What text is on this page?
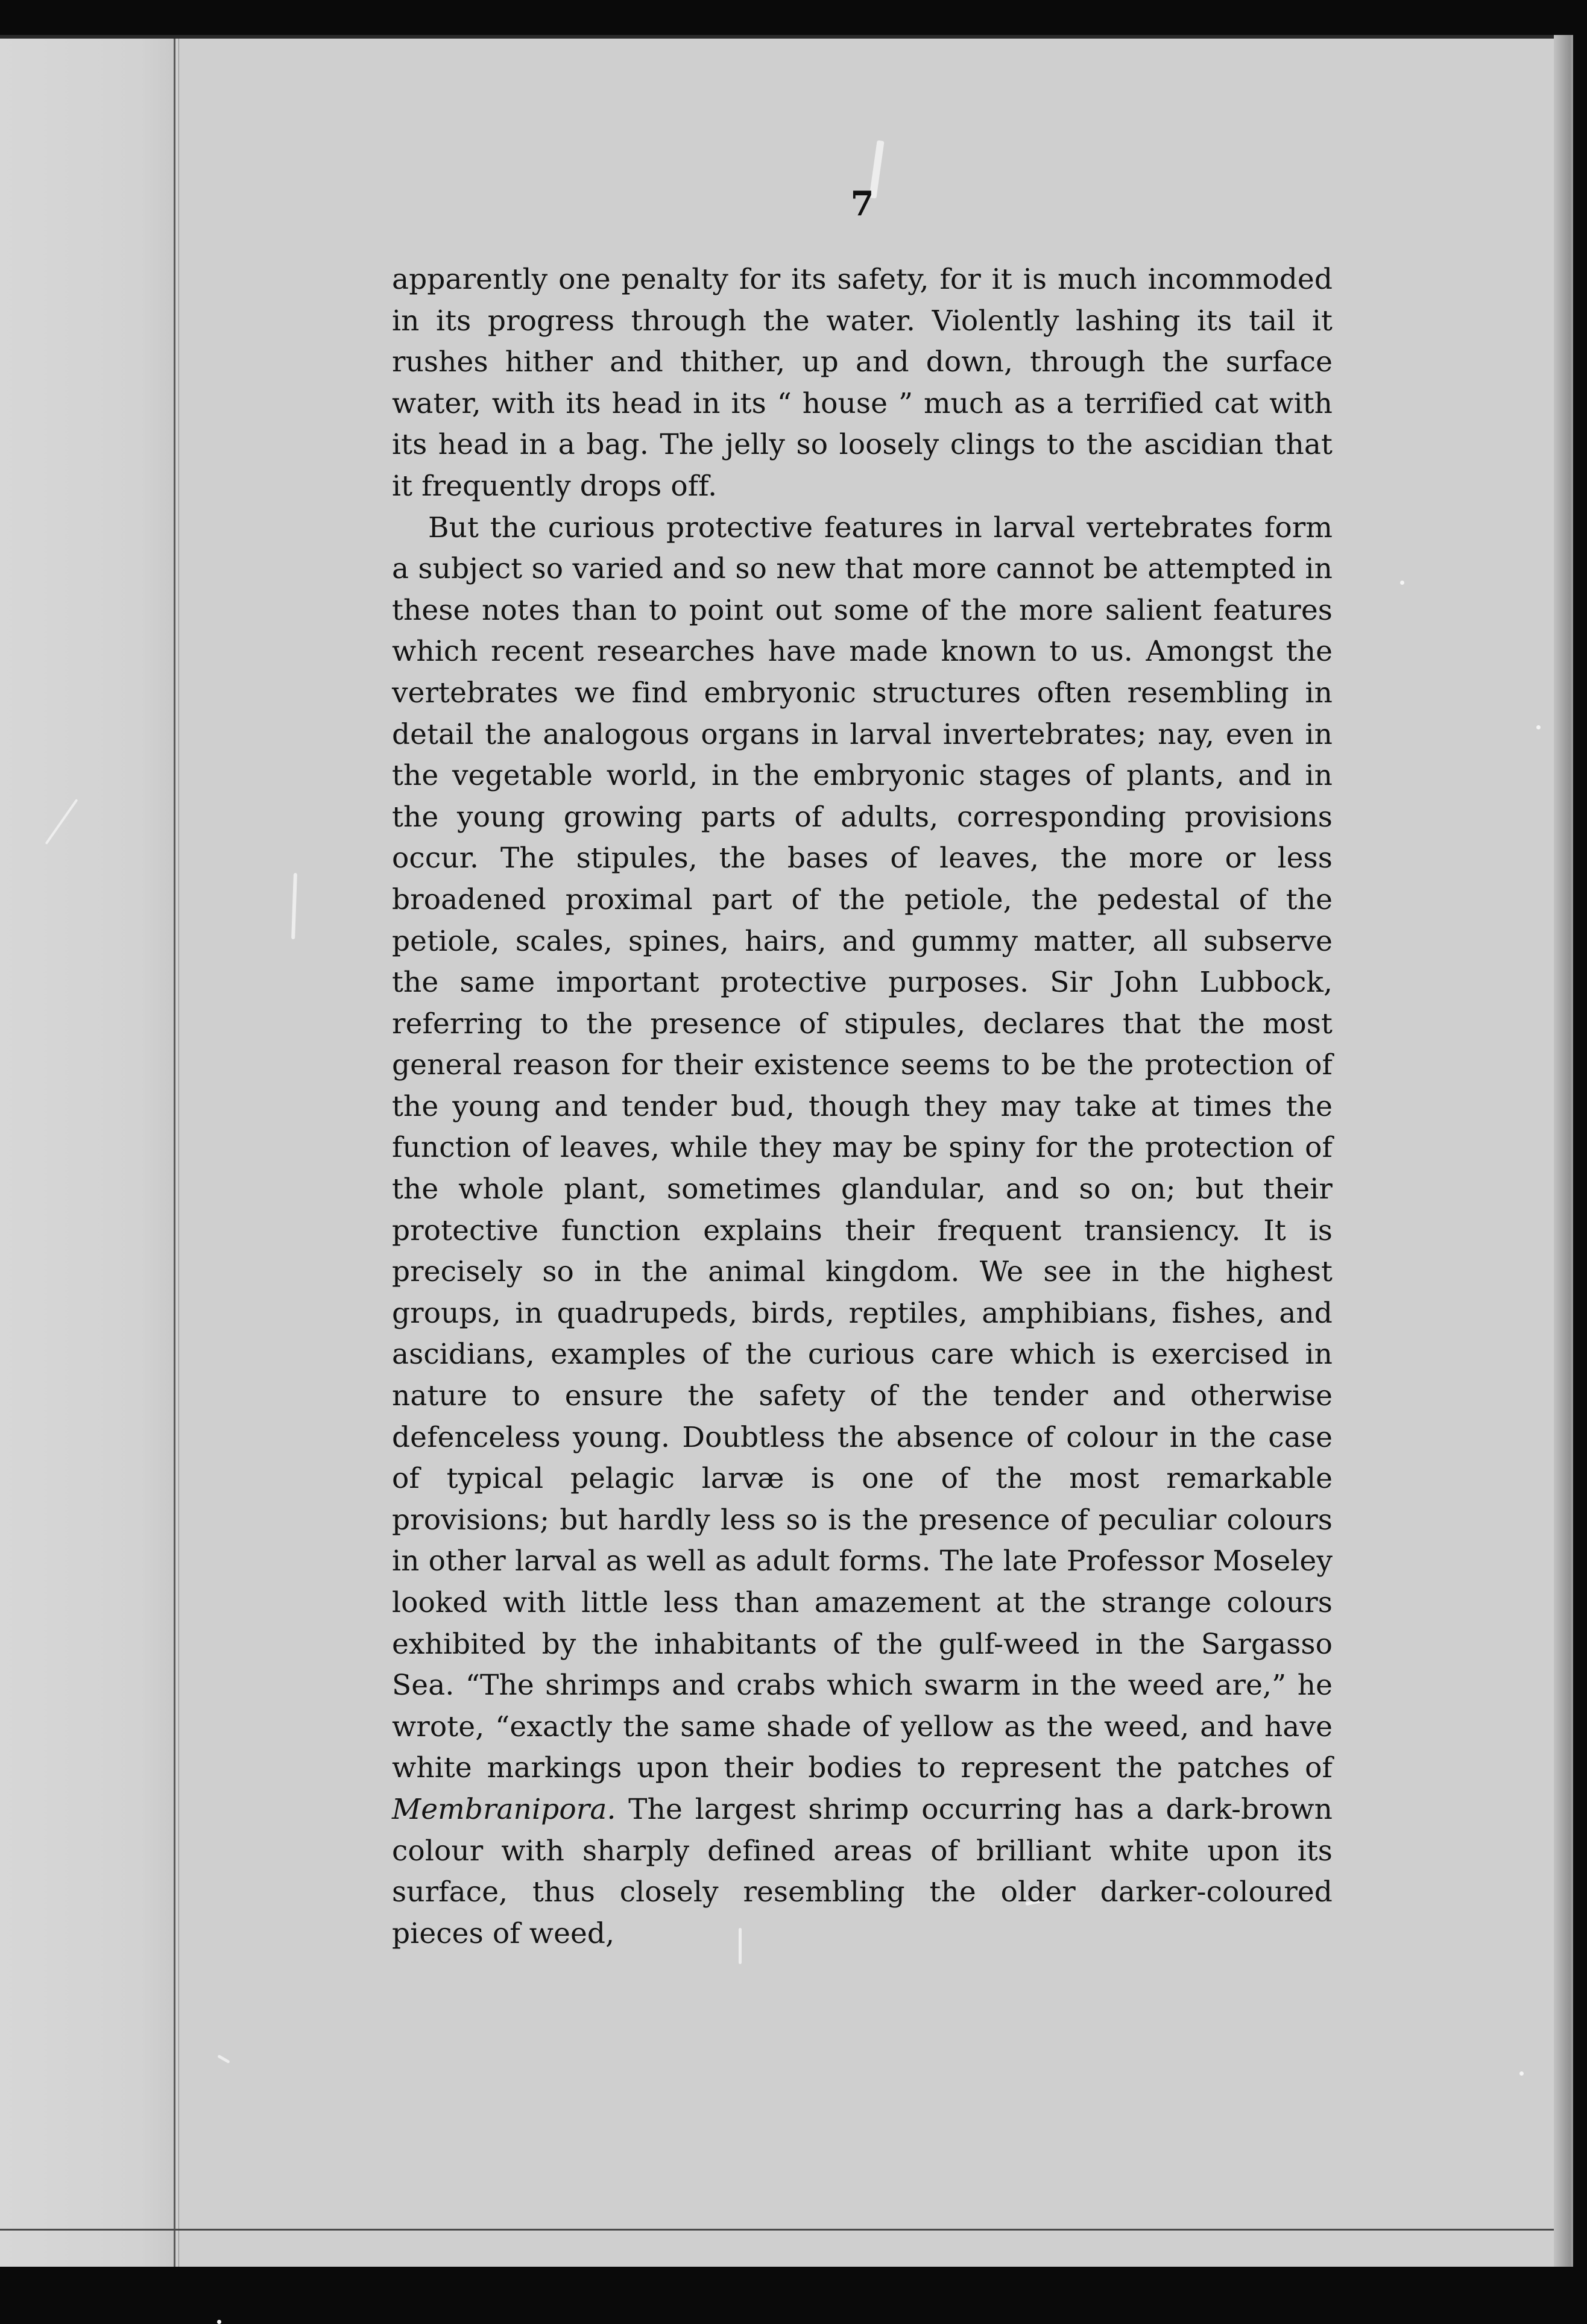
7

apparently one penalty for its safety, for it is much incommoded in its progress through the water. Violently lashing its tail it rushes hither and thither, up and down, through the surface water, with its head in its “ house ” much as a terrified cat with its head in a bag. The jelly so loosely clings to the ascidian that it frequently drops off.

But the curious protective features in larval vertebrates form a subject so varied and so new that more cannot be attempted in these notes than to point out some of the more salient features which recent researches have made known to us. Amongst the vertebrates we find embryonic structures often resembling in detail the analogous organs in larval invertebrates; nay, even in the vegetable world, in the embryonic stages of plants, and in the young growing parts of adults, corresponding provisions occur. The stipules, the bases of leaves, the more or less broadened proximal part of the petiole, the pedestal of the petiole, scales, spines, hairs, and gummy matter, all subserve the same important protective purposes. Sir John Lubbock, referring to the presence of stipules, declares that the most general reason for their existence seems to be the protection of the young and tender bud, though they may take at times the function of leaves, while they may be spiny for the protection of the whole plant, sometimes glandular, and so on; but their protective function explains their frequent transiency. It is precisely so in the animal kingdom. We see in the highest groups, in quadrupeds, birds, reptiles, amphibians, fishes, and ascidians, examples of the curious care which is exercised in nature to ensure the safety of the tender and otherwise defenceless young. Doubtless the absence of colour in the case of typical pelagic larvæ is one of the most remarkable provisions; but hardly less so is the presence of peculiar colours in other larval as well as adult forms. The late Professor Moseley looked with little less than amazement at the strange colours exhibited by the inhabitants of the gulf-weed in the Sargasso Sea. “The shrimps and crabs which swarm in the weed are,” he wrote, “exactly the same shade of yellow as the weed, and have white markings upon their bodies to represent the patches of Membranipora. The largest shrimp occurring has a dark-brown colour with sharply defined areas of brilliant white upon its surface, thus closely resembling the older darker-coloured pieces of weed,
